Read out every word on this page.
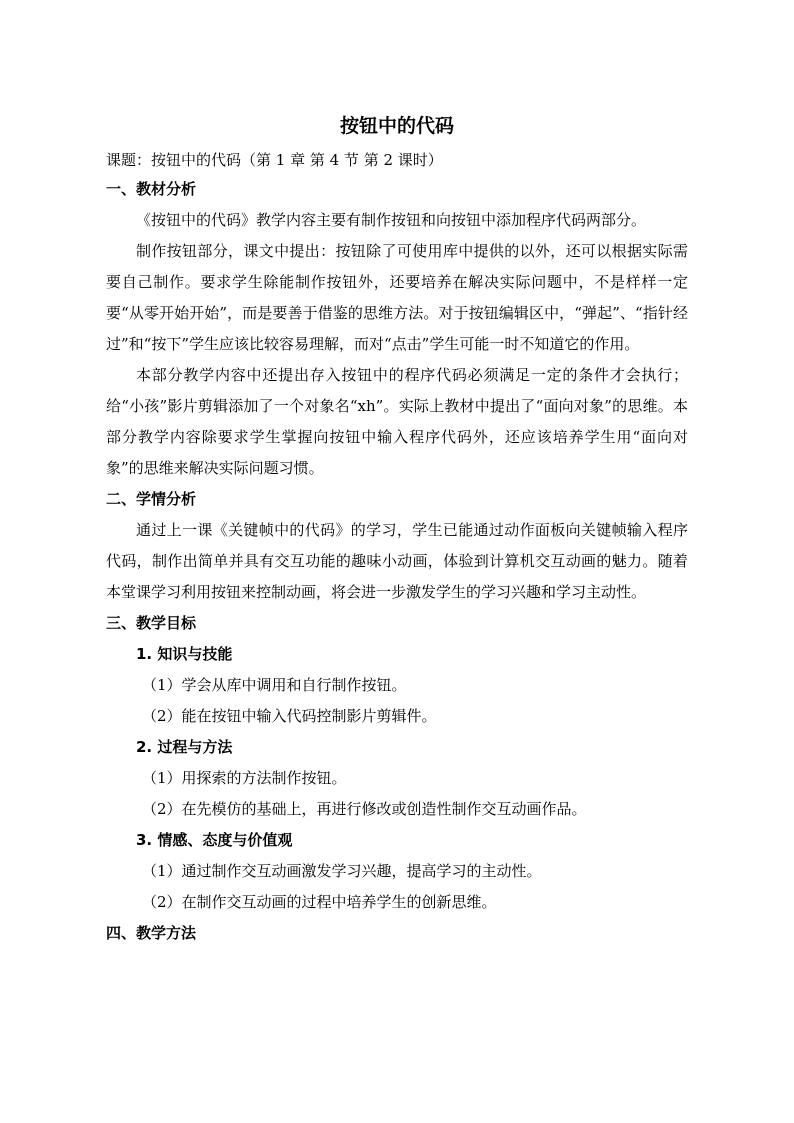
按钮中的代码

课题：按钮中的代码（第 1 章 第 4 节 第 2 课时）

一、教材分析

《按钮中的代码》教学内容主要有制作按钮和向按钮中添加程序代码两部分。

制作按钮部分，课文中提出：按钮除了可使用库中提供的以外，还可以根据实际需要自己制作。要求学生除能制作按钮外，还要培养在解决实际问题中，不是样样一定要“从零开始开始”，而是要善于借鉴的思维方法。对于按钮编辑区中，“弹起”、“指针经过”和“按下”学生应该比较容易理解，而对“点击”学生可能一时不知道它的作用。

本部分教学内容中还提出存入按钮中的程序代码必须满足一定的条件才会执行；给“小孩”影片剪辑添加了一个对象名“xh”。实际上教材中提出了“面向对象”的思维。本部分教学内容除要求学生掌握向按钮中输入程序代码外，还应该培养学生用“面向对象”的思维来解决实际问题习惯。

二、学情分析

通过上一课《关键帧中的代码》的学习，学生已能通过动作面板向关键帧输入程序代码，制作出简单并具有交互功能的趣味小动画，体验到计算机交互动画的魅力。随着本堂课学习利用按钮来控制动画，将会进一步激发学生的学习兴趣和学习主动性。

三、教学目标

1. 知识与技能

（1）学会从库中调用和自行制作按钮。

（2）能在按钮中输入代码控制影片剪辑件。

2. 过程与方法

（1）用探索的方法制作按钮。

（2）在先模仿的基础上，再进行修改或创造性制作交互动画作品。

3. 情感、态度与价值观

（1）通过制作交互动画激发学习兴趣，提高学习的主动性。

（2）在制作交互动画的过程中培养学生的创新思维。

四、教学方法
